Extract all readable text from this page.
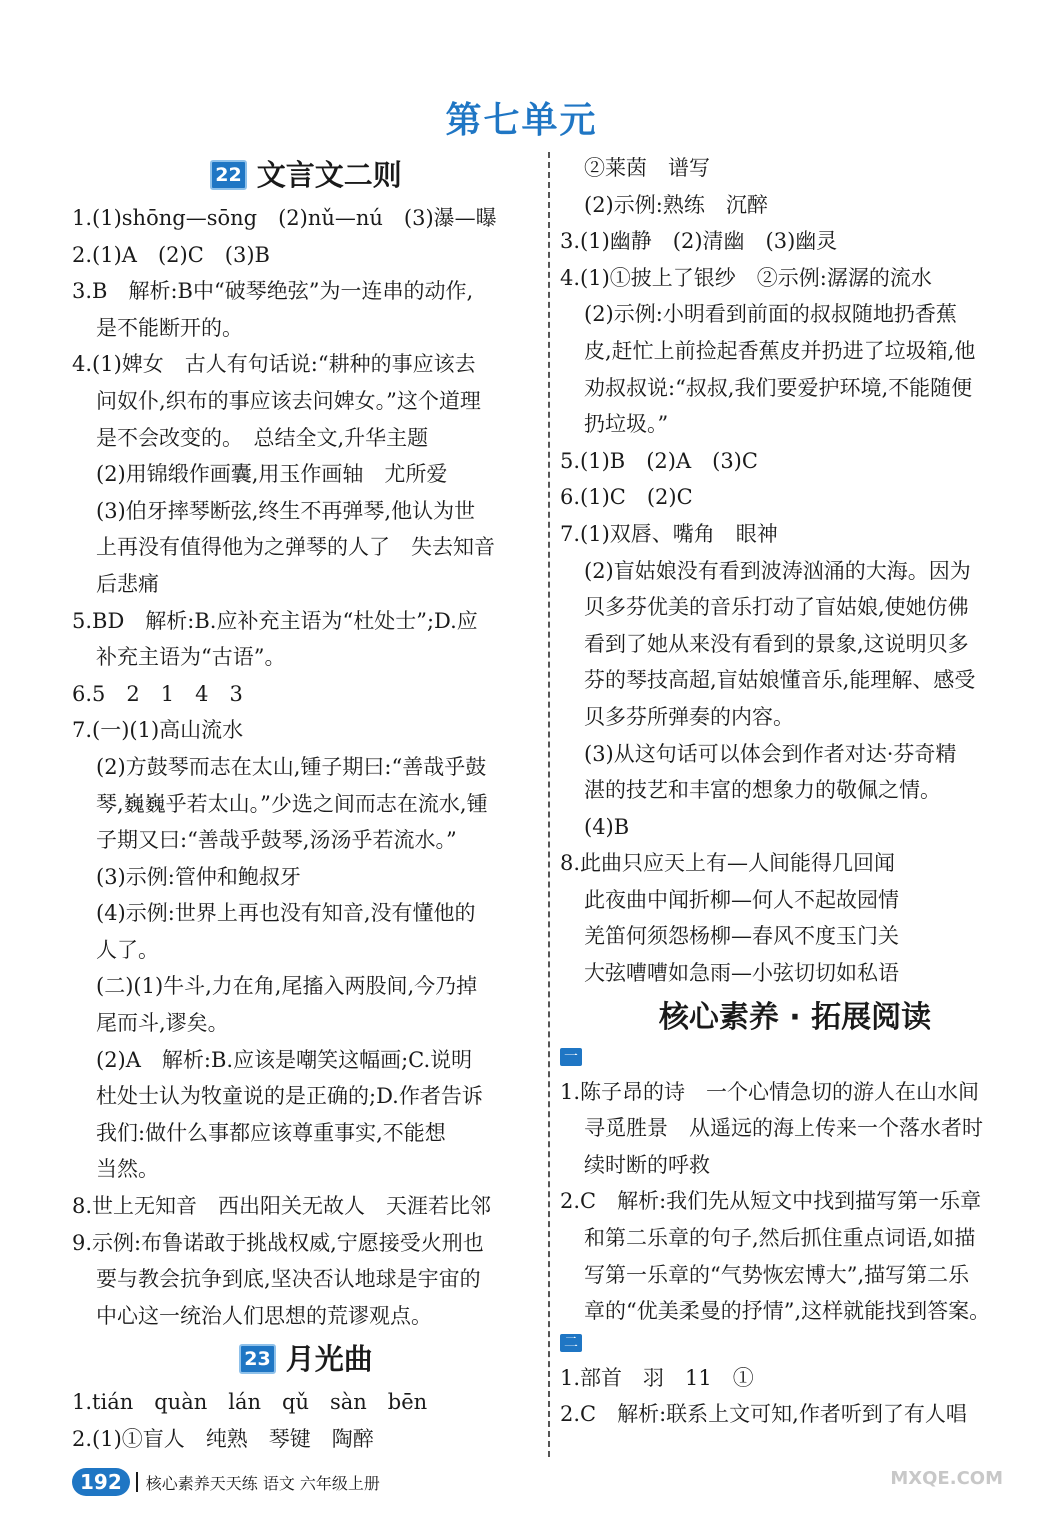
第七单元
22 文言文二则
1.(1)shōng—sōng　(2)nǔ—nú　(3)瀑—曝
2.(1)A　(2)C　(3)B
3.B　解析:B中“破琴绝弦”为一连串的动作,
是不能断开的。
4.(1)婢女　古人有句话说:“耕种的事应该去
问奴仆,织布的事应该去问婢女。”这个道理
是不会改变的。　总结全文,升华主题
(2)用锦缎作画囊,用玉作画轴　尤所爱
(3)伯牙摔琴断弦,终生不再弹琴,他认为世
上再没有值得他为之弹琴的人了　失去知音
后悲痛
5.BD　解析:B.应补充主语为“杜处士”;D.应
补充主语为“古语”。
6.5　2　1　4　3
7.(一)(1)高山流水
(2)方鼓琴而志在太山,锺子期曰:“善哉乎鼓
琴,巍巍乎若太山。”少选之间而志在流水,锺
子期又曰:“善哉乎鼓琴,汤汤乎若流水。”
(3)示例:管仲和鲍叔牙
(4)示例:世界上再也没有知音,没有懂他的
人了。
(二)(1)牛斗,力在角,尾搐入两股间,今乃掉
尾而斗,谬矣。
(2)A　解析:B.应该是嘲笑这幅画;C.说明
杜处士认为牧童说的是正确的;D.作者告诉
我们:做什么事都应该尊重事实,不能想
当然。
8.世上无知音　西出阳关无故人　天涯若比邻
9.示例:布鲁诺敢于挑战权威,宁愿接受火刑也
要与教会抗争到底,坚决否认地球是宇宙的
中心这一统治人们思想的荒谬观点。
23 月光曲
1.tián　quàn　lán　qǔ　sàn　bēn
2.(1)①盲人　纯熟　琴键　陶醉
②莱茵　谱写
(2)示例:熟练　沉醉
3.(1)幽静　(2)清幽　(3)幽灵
4.(1)①披上了银纱　②示例:潺潺的流水
(2)示例:小明看到前面的叔叔随地扔香蕉
皮,赶忙上前捡起香蕉皮并扔进了垃圾箱,他
劝叔叔说:“叔叔,我们要爱护环境,不能随便
扔垃圾。”
5.(1)B　(2)A　(3)C
6.(1)C　(2)C
7.(1)双唇、嘴角　眼神
(2)盲姑娘没有看到波涛汹涌的大海。因为
贝多芬优美的音乐打动了盲姑娘,使她仿佛
看到了她从来没有看到的景象,这说明贝多
芬的琴技高超,盲姑娘懂音乐,能理解、感受
贝多芬所弹奏的内容。
(3)从这句话可以体会到作者对达·芬奇精
湛的技艺和丰富的想象力的敬佩之情。
(4)B
8.此曲只应天上有—人间能得几回闻
此夜曲中闻折柳—何人不起故园情
羌笛何须怨杨柳—春风不度玉门关
大弦嘈嘈如急雨—小弦切切如私语
核心素养 · 拓展阅读
一
1.陈子昂的诗　一个心情急切的游人在山水间
寻觅胜景　从遥远的海上传来一个落水者时
续时断的呼救
2.C　解析:我们先从短文中找到描写第一乐章
和第二乐章的句子,然后抓住重点词语,如描
写第一乐章的“气势恢宏博大”,描写第二乐
章的“优美柔曼的抒情”,这样就能找到答案。
二
1.部首　羽　11　①
2.C　解析:联系上文可知,作者听到了有人唱
192	核心素养天天练 语文 六年级上册	MXQE.COM
